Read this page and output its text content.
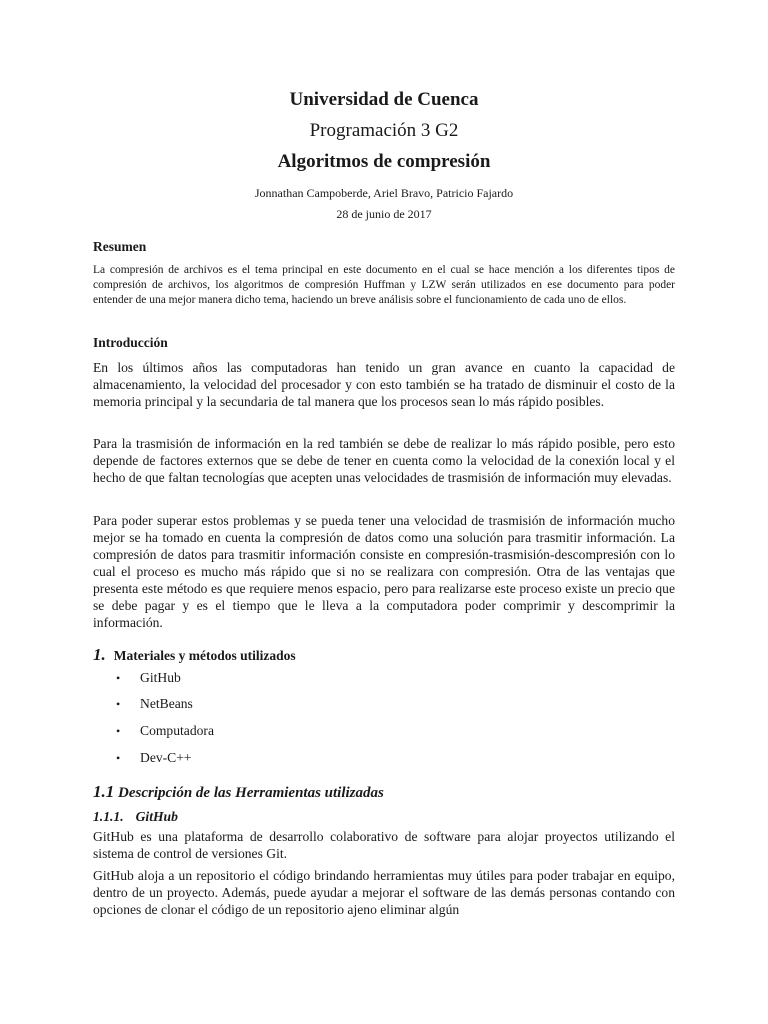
Universidad de Cuenca
Programación 3 G2
Algoritmos de compresión
Jonnathan Campoberde, Ariel Bravo, Patricio Fajardo
28 de junio de 2017
Resumen
La compresión de archivos es el tema principal en este documento en el cual se hace mención a los diferentes tipos de compresión de archivos, los algoritmos de compresión Huffman y LZW serán utilizados en ese documento para poder entender de una mejor manera dicho tema, haciendo un breve análisis sobre el funcionamiento de cada uno de ellos.
Introducción

En los últimos años las computadoras han tenido un gran avance en cuanto la capacidad de almacenamiento, la velocidad del procesador y con esto también se ha tratado de disminuir el costo de la memoria principal y la secundaria de tal manera que los procesos sean lo más rápido posibles.

Para la trasmisión de información en la red también se debe de realizar lo más rápido posible, pero esto depende de factores externos que se debe de tener en cuenta como la velocidad de la conexión local y el hecho de que faltan tecnologías que acepten unas velocidades de trasmisión de información muy elevadas.

Para poder superar estos problemas y se pueda tener una velocidad de trasmisión de información mucho mejor se ha tomado en cuenta la compresión de datos como una solución para trasmitir información. La compresión de datos para trasmitir información consiste en compresión-trasmisión-descompresión con lo cual el proceso es mucho más rápido que si no se realizara con compresión. Otra de las ventajas que presenta este método es que requiere menos espacio, pero para realizarse este proceso existe un precio que se debe pagar y es el tiempo que le lleva a la computadora poder comprimir y descomprimir la información.

1. Materiales y métodos utilizados
• GitHub
• NetBeans
• Computadora
• Dev-C++
1.1 Descripción de las Herramientas utilizadas
1.1.1. GitHub

GitHub es una plataforma de desarrollo colaborativo de software para alojar proyectos utilizando el sistema de control de versiones Git.

GitHub aloja a un repositorio el código brindando herramientas muy útiles para poder trabajar en equipo, dentro de un proyecto. Además, puede ayudar a mejorar el software de las demás personas contando con opciones de clonar el código de un repositorio ajeno eliminar algún
